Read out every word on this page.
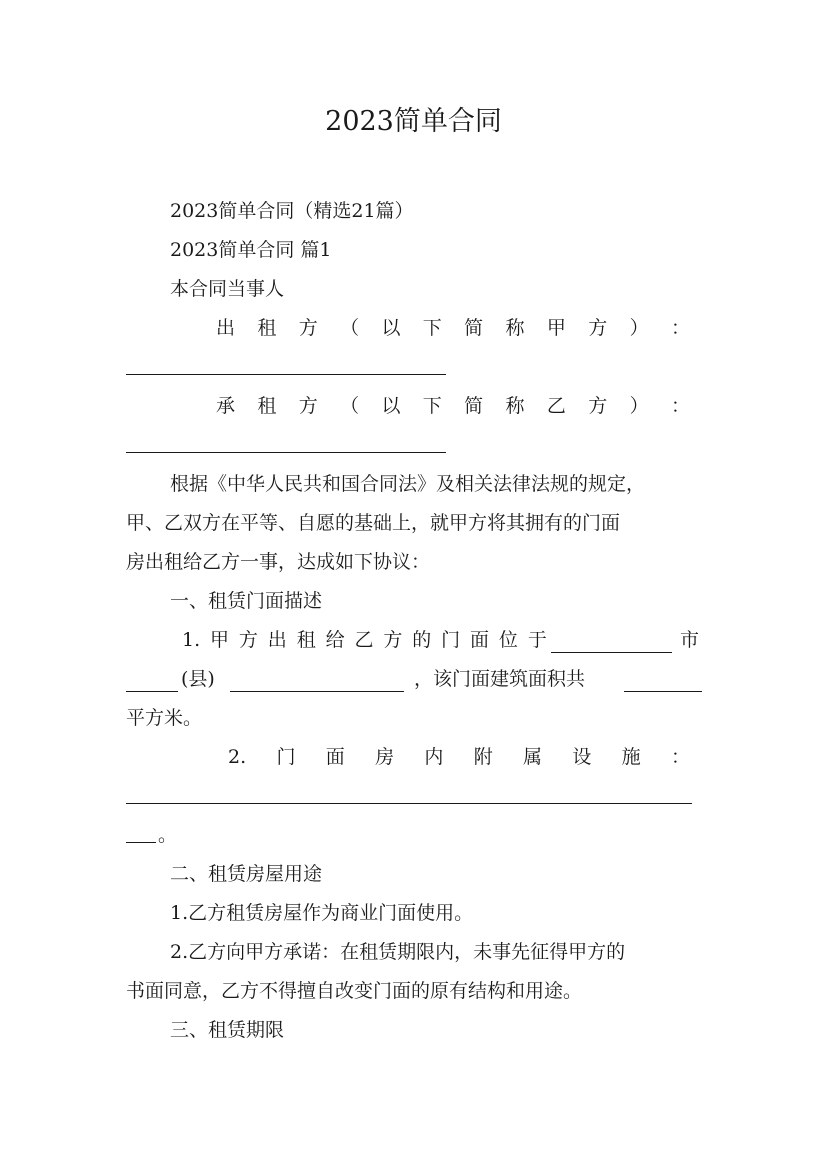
2023简单合同

2023简单合同（精选21篇）

2023简单合同 篇1

本合同当事人

出 租 方 （ 以 下 简 称 甲 方 ） ：
承 租 方 （ 以 下 简 称 乙 方 ） ：

根据《中华人民共和国合同法》及相关法律法规的规定，

甲、乙双方在平等、自愿的基础上，就甲方将其拥有的门面

房出租给乙方一事，达成如下协议：

一、租赁门面描述

1. 甲 方 出 租 给 乙 方 的 门 面 位 于	市

(县)	，该门面建筑面积共

平方米。

2. 门 面 房 内 附 属 设 施 ：

。

二、租赁房屋用途

1.乙方租赁房屋作为商业门面使用。

2.乙方向甲方承诺：在租赁期限内，未事先征得甲方的

书面同意，乙方不得擅自改变门面的原有结构和用途。

三、租赁期限
